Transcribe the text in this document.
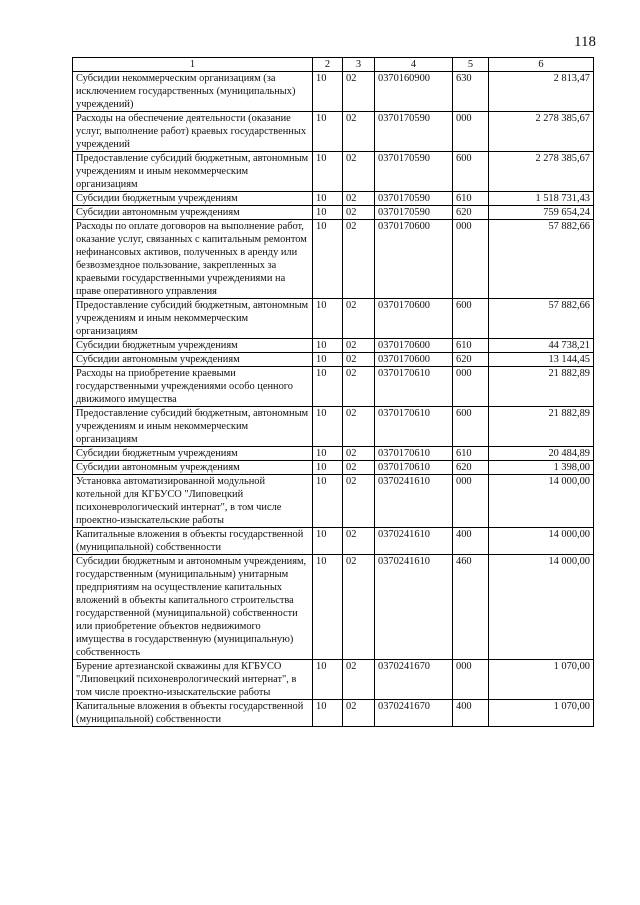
118
1	2	3	4	5	6
Субсидии некоммерческим организациям (за исключением государственных (муниципальных) учреждений)	10	02	0370160900	630	2 813,47
Расходы на обеспечение деятельности (оказание услуг, выполнение работ) краевых государственных учреждений	10	02	0370170590	000	2 278 385,67
Предоставление субсидий бюджетным, автономным учреждениям и иным некоммерческим организациям	10	02	0370170590	600	2 278 385,67
Субсидии бюджетным учреждениям	10	02	0370170590	610	1 518 731,43
Субсидии автономным учреждениям	10	02	0370170590	620	759 654,24
Расходы по оплате договоров на выполнение работ, оказание услуг, связанных с капитальным ремонтом нефинансовых активов, полученных в аренду или безвозмездное пользование, закрепленных за краевыми государственными учреждениями на праве оперативного управления	10	02	0370170600	000	57 882,66
Предоставление субсидий бюджетным, автономным учреждениям и иным некоммерческим организациям	10	02	0370170600	600	57 882,66
Субсидии бюджетным учреждениям	10	02	0370170600	610	44 738,21
Субсидии автономным учреждениям	10	02	0370170600	620	13 144,45
Расходы на приобретение краевыми государственными учреждениями особо ценного движимого имущества	10	02	0370170610	000	21 882,89
Предоставление субсидий бюджетным, автономным учреждениям и иным некоммерческим организациям	10	02	0370170610	600	21 882,89
Субсидии бюджетным учреждениям	10	02	0370170610	610	20 484,89
Субсидии автономным учреждениям	10	02	0370170610	620	1 398,00
Установка автоматизированной модульной котельной для КГБУСО "Липовецкий психоневрологический интернат", в том числе проектно-изыскательские работы	10	02	0370241610	000	14 000,00
Капитальные вложения в объекты государственной (муниципальной) собственности	10	02	0370241610	400	14 000,00
Субсидии бюджетным и автономным учреждениям, государственным (муниципальным) унитарным предприятиям на осуществление капитальных вложений в объекты капитального строительства государственной (муниципальной) собственности или приобретение объектов недвижимого имущества в государственную (муниципальную) собственность	10	02	0370241610	460	14 000,00
Бурение артезианской скважины для КГБУСО "Липовецкий психоневрологический интернат", в том числе проектно-изыскательские работы	10	02	0370241670	000	1 070,00
Капитальные вложения в объекты государственной (муниципальной) собственности	10	02	0370241670	400	1 070,00
